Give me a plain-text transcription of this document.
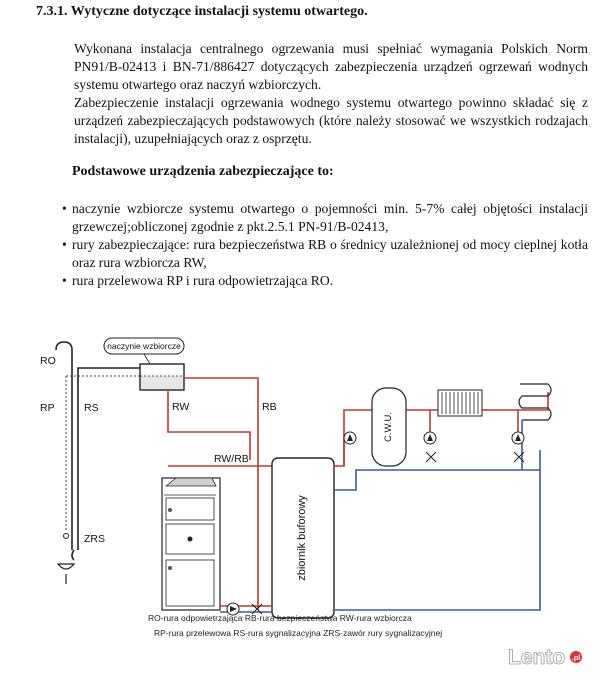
7.3.1. Wytyczne dotyczące instalacji systemu otwartego.
Wykonana instalacja centralnego ogrzewania musi spełniać wymagania Polskich Norm PN91/B-02413 i BN-71/886427 dotyczących zabezpieczenia urządzeń ogrzewań wodnych systemu otwartego oraz naczyń wzbiorczych.
Zabezpieczenie instalacji ogrzewania wodnego systemu otwartego powinno składać się z urządzeń zabezpieczających podstawowych (które należy stosować we wszystkich rodzajach instalacji), uzupełniających oraz z osprzętu.
Podstawowe urządzenia zabezpieczające to:
• naczynie wzbiorcze systemu otwartego o pojemności min. 5-7% całej objętości instalacji grzewczej;obliczonej zgodnie z pkt.2.5.1 PN-91/B-02413,
• rury zabezpieczające: rura bezpieczeństwa RB o średnicy uzależnionej od mocy cieplnej kotła oraz rura wzbiorcza RW,
• rura przelewowa RP i rura odpowietrzająca RO.
RO
RP	RS
ZRS
naczynie wzbiorcze
RW	RB
RW/RB
zbiornik buforowy
C.W.U.
RO-rura odpowietrzająca RB-rura bezpieczeństwa RW-rura wzbiorcza
RP-rura przelewowa RS-rura sygnalizacyjna ZRS-zawór rury sygnalizacyjnej
Lento .pl
